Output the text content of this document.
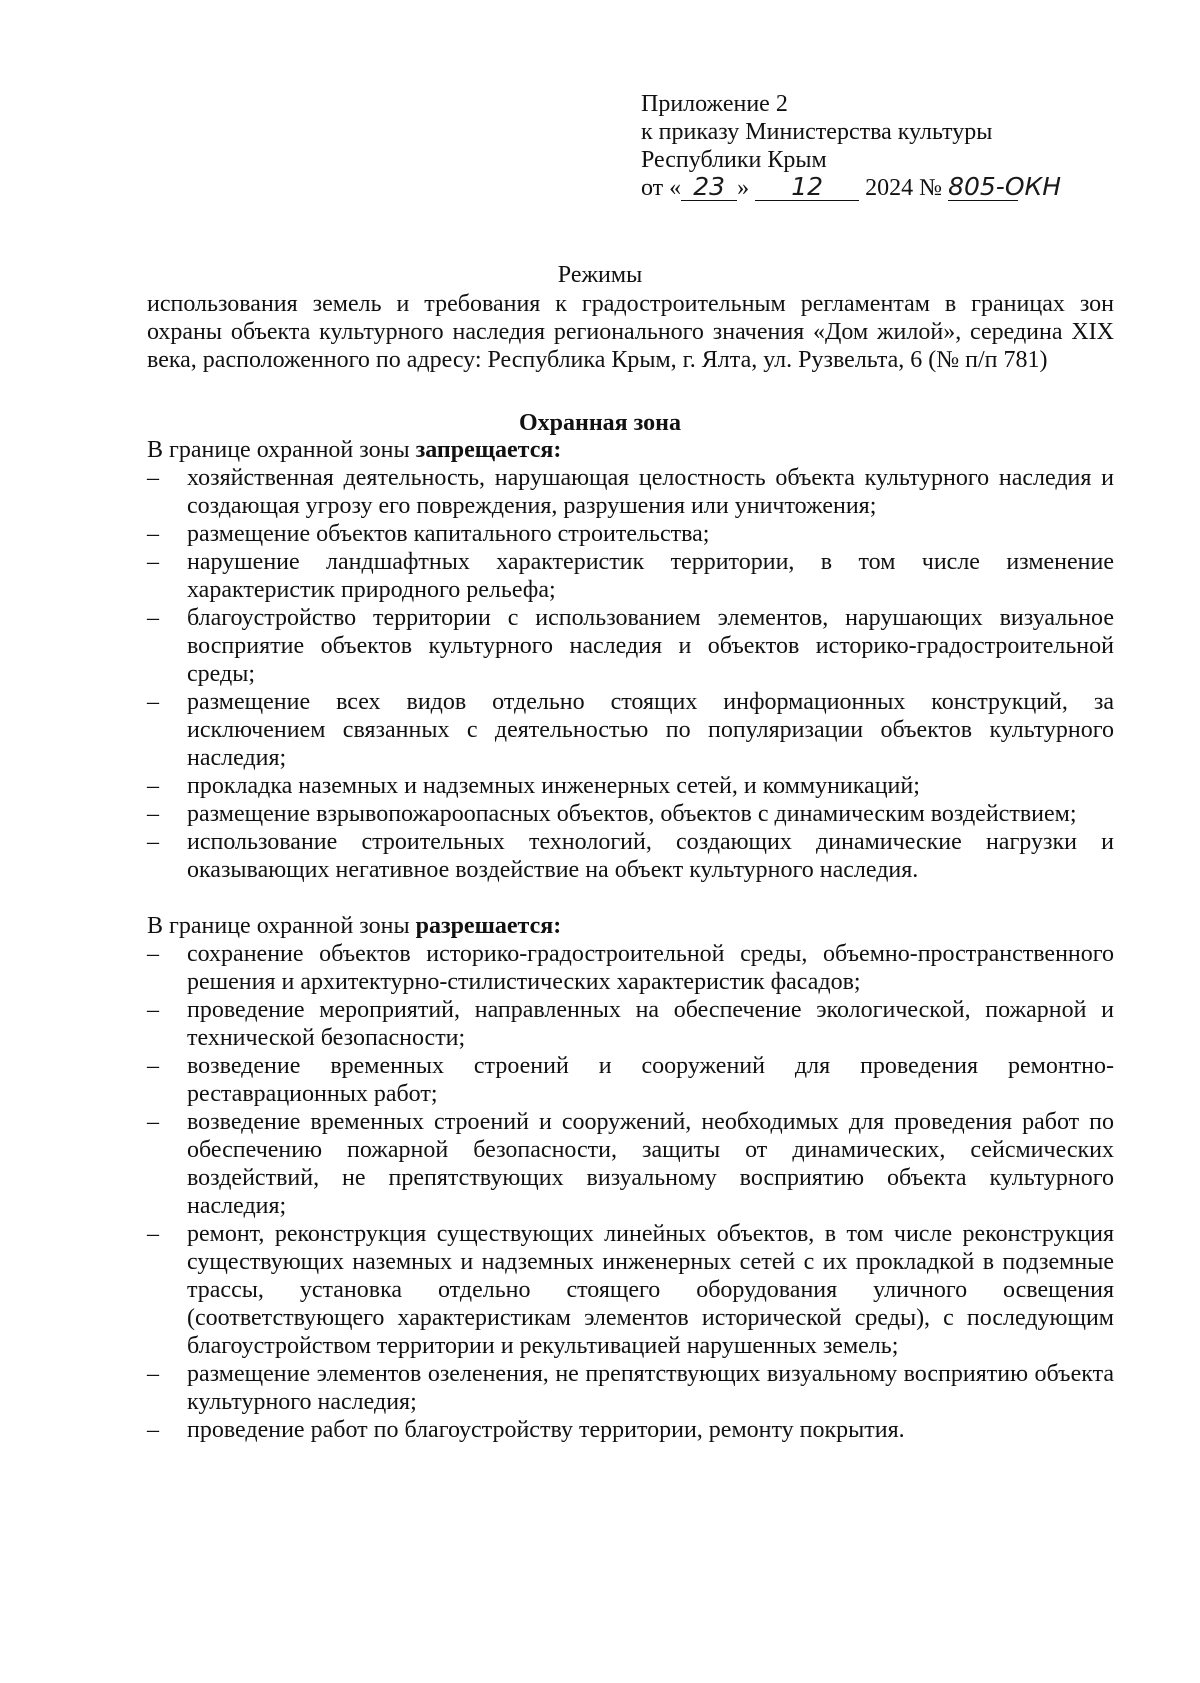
Приложение 2
к приказу Министерства культуры
Республики Крым
от « 23 » 12 2024 № 805-ОКН
Режимы
использования земель и требования к градостроительным регламентам в границах зон охраны объекта культурного наследия регионального значения «Дом жилой», середина XIX века, расположенного по адресу: Республика Крым, г. Ялта, ул. Рузвельта, 6 (№ п/п 781)
Охранная зона
В границе охранной зоны запрещается:
– хозяйственная деятельность, нарушающая целостность объекта культурного наследия и создающая угрозу его повреждения, разрушения или уничтожения;
– размещение объектов капитального строительства;
– нарушение ландшафтных характеристик территории, в том числе изменение характеристик природного рельефа;
– благоустройство территории с использованием элементов, нарушающих визуальное восприятие объектов культурного наследия и объектов историко-градостроительной среды;
– размещение всех видов отдельно стоящих информационных конструкций, за исключением связанных с деятельностью по популяризации объектов культурного наследия;
– прокладка наземных и надземных инженерных сетей, и коммуникаций;
– размещение взрывопожароопасных объектов, объектов с динамическим воздействием;
– использование строительных технологий, создающих динамические нагрузки и оказывающих негативное воздействие на объект культурного наследия.
В границе охранной зоны разрешается:
– сохранение объектов историко-градостроительной среды, объемно-пространственного решения и архитектурно-стилистических характеристик фасадов;
– проведение мероприятий, направленных на обеспечение экологической, пожарной и технической безопасности;
– возведение временных строений и сооружений для проведения ремонтно-реставрационных работ;
– возведение временных строений и сооружений, необходимых для проведения работ по обеспечению пожарной безопасности, защиты от динамических, сейсмических воздействий, не препятствующих визуальному восприятию объекта культурного наследия;
– ремонт, реконструкция существующих линейных объектов, в том числе реконструкция существующих наземных и надземных инженерных сетей с их прокладкой в подземные трассы, установка отдельно стоящего оборудования уличного освещения (соответствующего характеристикам элементов исторической среды), с последующим благоустройством территории и рекультивацией нарушенных земель;
– размещение элементов озеленения, не препятствующих визуальному восприятию объекта культурного наследия;
– проведение работ по благоустройству территории, ремонту покрытия.
